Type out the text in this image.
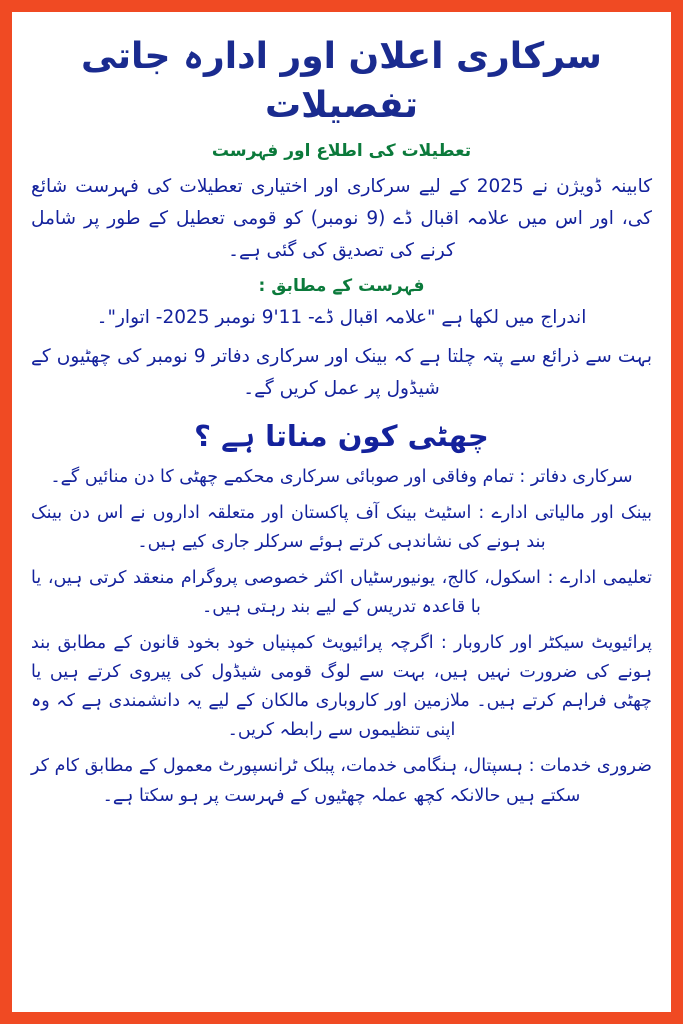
سرکاری اعلان اور ادارہ جاتی تفصیلات
تعطیلات کی اطلاع اور فہرست

کابینہ ڈویژن نے 2025 کے لیے سرکاری اور اختیاری تعطیلات کی فہرست شائع کی، اور اس میں علامہ اقبال ڈے (9 نومبر) کو قومی تعطیل کے طور پر شامل کرنے کی تصدیق کی گئی ہے۔

فہرست کے مطابق :

اندراج میں لکھا ہے "علامہ اقبال ڈے- 11'9 نومبر 2025- اتوار"۔

بہت سے ذرائع سے پتہ چلتا ہے کہ بینک اور سرکاری دفاتر 9 نومبر کی چھٹیوں کے شیڈول پر عمل کریں گے۔

چھٹی کون مناتا ہے ؟

سرکاری دفاتر : تمام وفاقی اور صوبائی سرکاری محکمے چھٹی کا دن منائیں گے۔

بینک اور مالیاتی ادارے : اسٹیٹ بینک آف پاکستان اور متعلقہ اداروں نے اس دن بینک بند ہونے کی نشاندہی کرتے ہوئے سرکلر جاری کیے ہیں۔

تعلیمی ادارے : اسکول، کالج، یونیورسٹیاں اکثر خصوصی پروگرام منعقد کرتی ہیں، یا با قاعدہ تدریس کے لیے بند رہتی ہیں۔

پرائیویٹ سیکٹر اور کاروبار : اگرچہ پرائیویٹ کمپنیاں خود بخود قانون کے مطابق بند ہونے کی ضرورت نہیں ہیں، بہت سے لوگ قومی شیڈول کی پیروی کرتے ہیں یا چھٹی فراہم کرتے ہیں۔ ملازمین اور کاروباری مالکان کے لیے یہ دانشمندی ہے کہ وہ اپنی تنظیموں سے رابطہ کریں۔

ضروری خدمات : ہسپتال، ہنگامی خدمات، پبلک ٹرانسپورٹ معمول کے مطابق کام کر سکتے ہیں حالانکہ کچھ عملہ چھٹیوں کے فہرست پر ہو سکتا ہے۔
